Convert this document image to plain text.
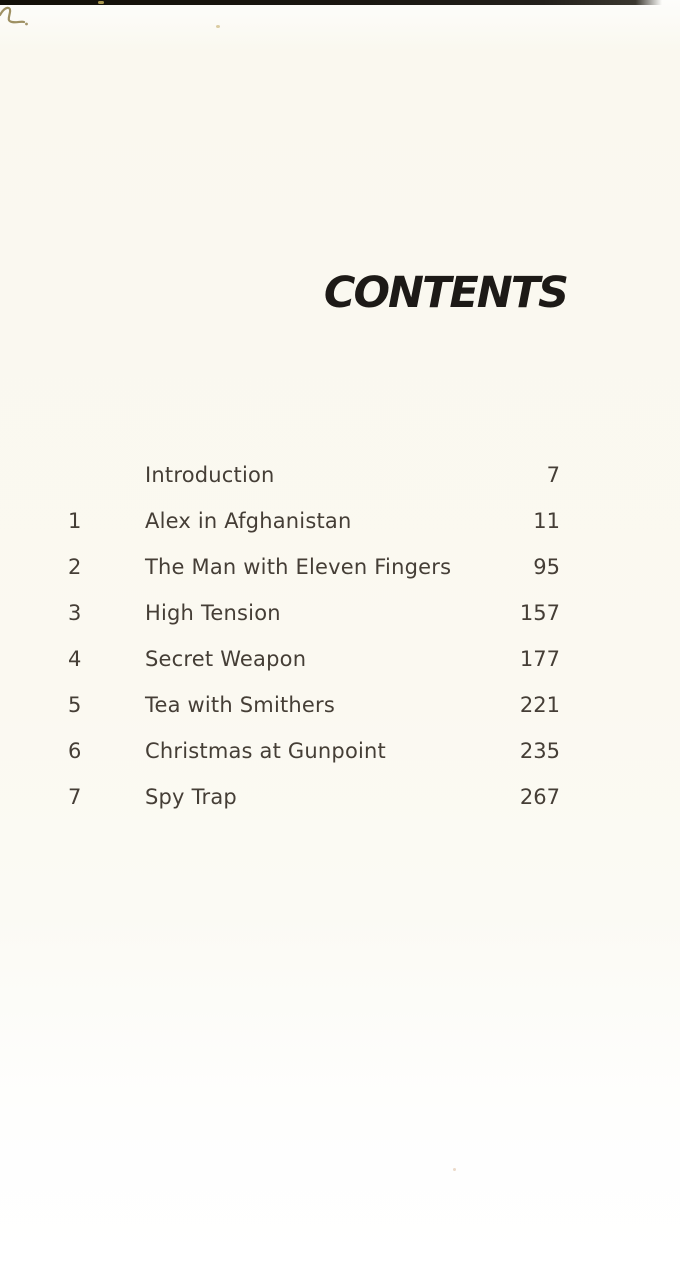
CONTENTS
Introduction	7
1	Alex in Afghanistan	11
2	The Man with Eleven Fingers	95
3	High Tension	157
4	Secret Weapon	177
5	Tea with Smithers	221
6	Christmas at Gunpoint	235
7	Spy Trap	267
